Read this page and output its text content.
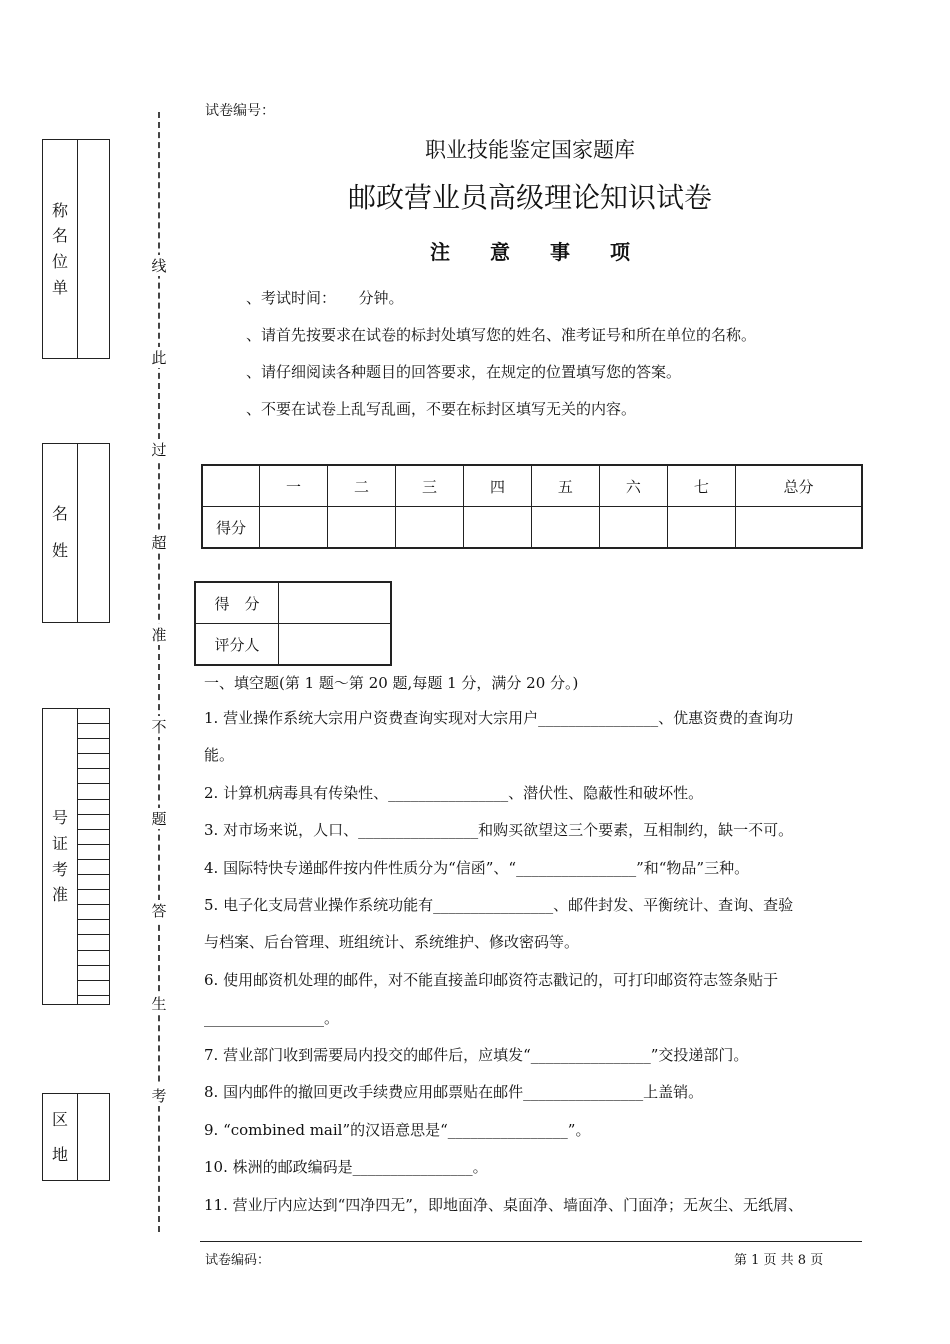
试卷编号：
职业技能鉴定国家题库
邮政营业员高级理论知识试卷
注　　意　　事　　项
、考试时间：　　分钟。
、请首先按要求在试卷的标封处填写您的姓名、准考证号和所在单位的名称。
、请仔细阅读各种题目的回答要求，在规定的位置填写您的答案。
、不要在试卷上乱写乱画，不要在标封区填写无关的内容。
称
名
位
单
名
姓
号
证
考
准
区
地
线
此
过
超
准
不
题
答
生
考
	一	二	三	四	五	六	七	总分
得分								
得　分	
评分人	
一、填空题(第 1 题～第 20 题,每题 1 分，满分 20 分。)
1. 营业操作系统大宗用户资费查询实现对大宗用户________________、优惠资费的查询功
能。
2. 计算机病毒具有传染性、________________、潜伏性、隐蔽性和破坏性。
3. 对市场来说，人口、________________和购买欲望这三个要素，互相制约，缺一不可。
4. 国际特快专递邮件按内件性质分为“信函”、“________________”和“物品”三种。
5. 电子化支局营业操作系统功能有________________、邮件封发、平衡统计、查询、查验
与档案、后台管理、班组统计、系统维护、修改密码等。
6. 使用邮资机处理的邮件，对不能直接盖印邮资符志戳记的，可打印邮资符志签条贴于
________________。
7. 营业部门收到需要局内投交的邮件后，应填发“________________”交投递部门。
8. 国内邮件的撤回更改手续费应用邮票贴在邮件________________上盖销。
9. “combined mail”的汉语意思是“________________”。
10. 株洲的邮政编码是________________。
11. 营业厅内应达到“四净四无”，即地面净、桌面净、墙面净、门面净；无灰尘、无纸屑、
试卷编码：	第 1 页 共 8 页
